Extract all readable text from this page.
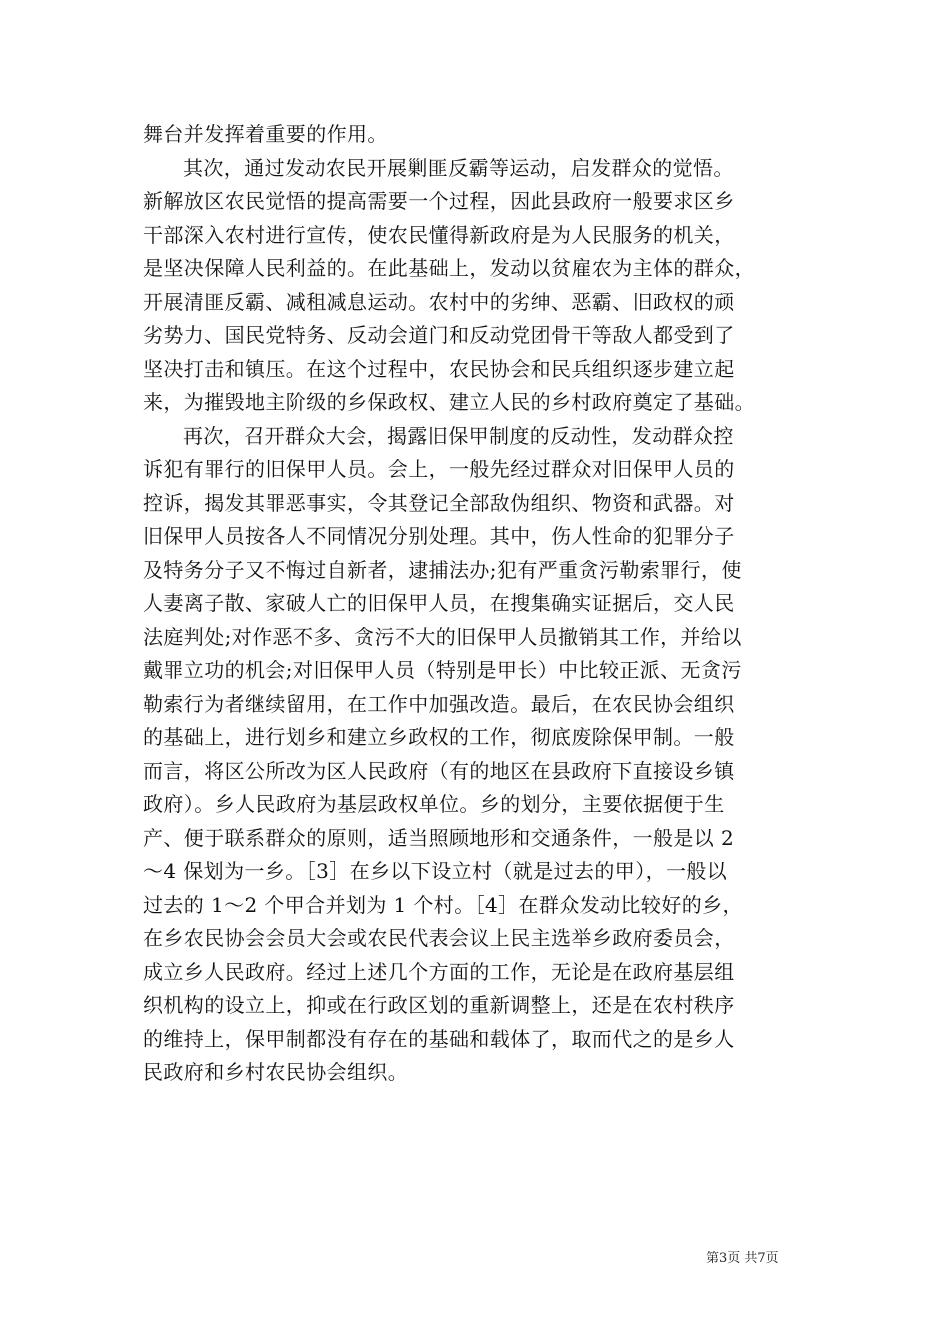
舞台并发挥着重要的作用。
其次，通过发动农民开展剿匪反霸等运动，启发群众的觉悟。
新解放区农民觉悟的提高需要一个过程，因此县政府一般要求区乡
干部深入农村进行宣传，使农民懂得新政府是为人民服务的机关，
是坚决保障人民利益的。在此基础上，发动以贫雇农为主体的群众，
开展清匪反霸、减租减息运动。农村中的劣绅、恶霸、旧政权的顽
劣势力、国民党特务、反动会道门和反动党团骨干等敌人都受到了
坚决打击和镇压。在这个过程中，农民协会和民兵组织逐步建立起
来，为摧毁地主阶级的乡保政权、建立人民的乡村政府奠定了基础。
再次，召开群众大会，揭露旧保甲制度的反动性，发动群众控
诉犯有罪行的旧保甲人员。会上，一般先经过群众对旧保甲人员的
控诉，揭发其罪恶事实，令其登记全部敌伪组织、物资和武器。对
旧保甲人员按各人不同情况分别处理。其中，伤人性命的犯罪分子
及特务分子又不悔过自新者，逮捕法办;犯有严重贪污勒索罪行，使
人妻离子散、家破人亡的旧保甲人员，在搜集确实证据后，交人民
法庭判处;对作恶不多、贪污不大的旧保甲人员撤销其工作，并给以
戴罪立功的机会;对旧保甲人员（特别是甲长）中比较正派、无贪污
勒索行为者继续留用，在工作中加强改造。最后，在农民协会组织
的基础上，进行划乡和建立乡政权的工作，彻底废除保甲制。一般
而言，将区公所改为区人民政府（有的地区在县政府下直接设乡镇
政府）。乡人民政府为基层政权单位。乡的划分，主要依据便于生
产、便于联系群众的原则，适当照顾地形和交通条件，一般是以 2
～4 保划为一乡。［3］在乡以下设立村（就是过去的甲），一般以
过去的 1～2 个甲合并划为 1 个村。［4］在群众发动比较好的乡，
在乡农民协会会员大会或农民代表会议上民主选举乡政府委员会，
成立乡人民政府。经过上述几个方面的工作，无论是在政府基层组
织机构的设立上，抑或在行政区划的重新调整上，还是在农村秩序
的维持上，保甲制都没有存在的基础和载体了，取而代之的是乡人
民政府和乡村农民协会组织。
第3页 共7页
